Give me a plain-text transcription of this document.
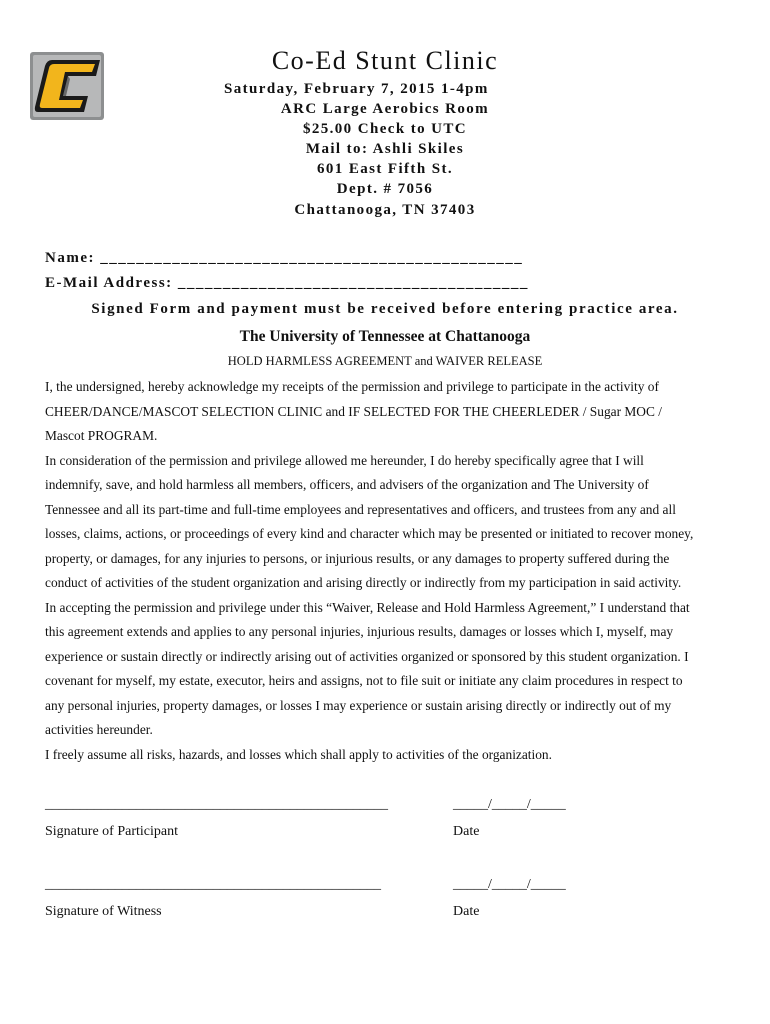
Co-Ed Stunt Clinic
Saturday, February 7, 2015 1-4pm
ARC Large Aerobics Room
$25.00 Check to UTC
Mail to: Ashli Skiles
601 East Fifth St.
Dept. # 7056
Chattanooga, TN 37403
Name: _______________________________________________
E-Mail Address: _______________________________________
Signed Form and payment must be received before entering practice area.
The University of Tennessee at Chattanooga
HOLD HARMLESS AGREEMENT and WAIVER RELEASE
I, the undersigned, hereby acknowledge my receipts of the permission and privilege to participate in the activity of
CHEER/DANCE/MASCOT SELECTION CLINIC and IF SELECTED FOR THE CHEERLEDER / Sugar MOC /
Mascot PROGRAM.
In consideration of the permission and privilege allowed me hereunder, I do hereby specifically agree that I will
indemnify, save, and hold harmless all members, officers, and advisers of the organization and The University of
Tennessee and all its part-time and full-time employees and representatives and officers, and trustees from any and all
losses, claims, actions, or proceedings of every kind and character which may be presented or initiated to recover money,
property, or damages, for any injuries to persons, or injurious results, or any damages to property suffered during the
conduct of activities of the student organization and arising directly or indirectly from my participation in said activity.
In accepting the permission and privilege under this “Waiver, Release and Hold Harmless Agreement,” I understand that
this agreement extends and applies to any personal injuries, injurious results, damages or losses which I, myself, may
experience or sustain directly or indirectly arising out of activities organized or sponsored by this student organization. I
covenant for myself, my estate, executor, heirs and assigns, not to file suit or initiate any claim procedures in respect to
any personal injuries, property damages, or losses I may experience or sustain arising directly or indirectly out of my
activities hereunder.
I freely assume all risks, hazards, and losses which shall apply to activities of the organization.
_________________________________________________	_____/_____/_____
Signature of Participant	Date
________________________________________________	_____/_____/_____
Signature of Witness	Date
